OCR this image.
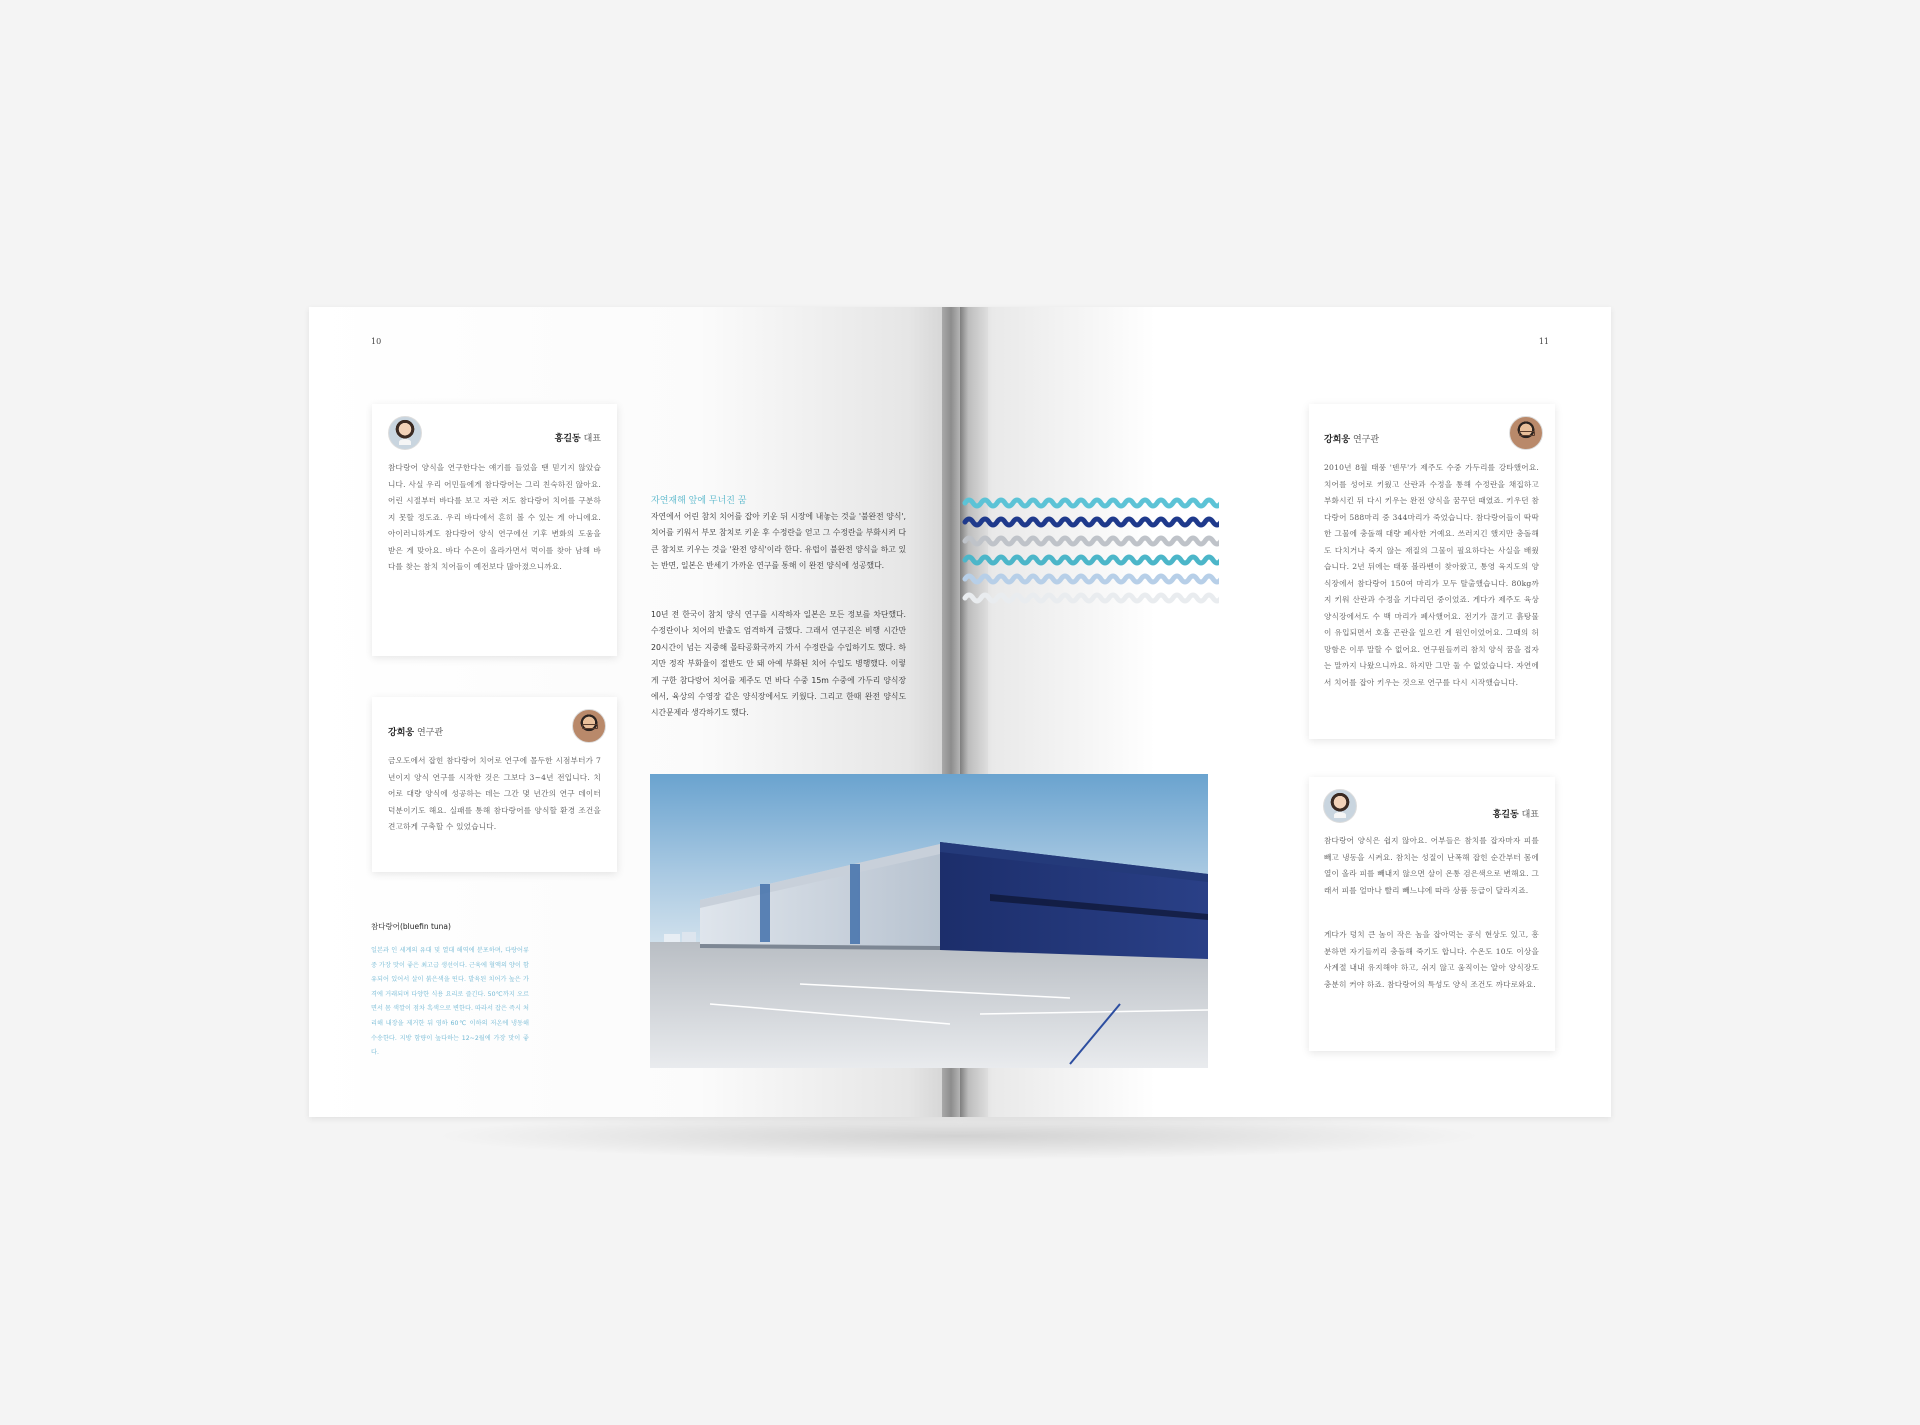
10
홍길동 대표
참다랑어 양식을 연구한다는 얘기를 들었을 땐 믿기지 않았습니다. 사실 우리 어민들에게 참다랑어는 그리 친숙하진 않아요. 어린 시절부터 바다를 보고 자란 저도 참다랑어 치어를 구분하지 못할 정도죠. 우리 바다에서 흔히 볼 수 있는 게 아니에요. 아이러니하게도 참다랑어 양식 연구에선 기후 변화의 도움을 받은 게 맞아요. 바다 수온이 올라가면서 먹이를 찾아 남해 바다를 찾는 참치 치어들이 예전보다 많아졌으니까요.
강희웅 연구관
금오도에서 잡힌 참다랑어 치어로 연구에 몰두한 시점부터가 7년이지 양식 연구를 시작한 것은 그보다 3~4년 전입니다. 치어로 대량 양식에 성공하는 데는 그간 몇 년간의 연구 데이터 덕분이기도 해요. 실패를 통해 참다랑어를 양식할 환경 조건을 견고하게 구축할 수 있었습니다.
참다랑어(bluefin tuna)
일본과 인 세계의 유대 및 열대 해역에 분포하며, 다랑어류 중 가장 맛이 좋은 최고급 생선이다. 근육에 혈액의 양이 함유되어 있어서 살이 붉은색을 띤다. 발육된 치어가 높은 가격에 거래되며 다양한 식용 요리로 즐긴다. 50℃까지 오르면서 몸 색깔이 점차 흑색으로 변한다. 따라서 잡은 즉시 처리해 내장을 제거한 뒤 영하 60℃ 이하의 저온에 냉동해 수송한다. 지방 함량이 높다하는 12~2월에 가장 맛이 좋다.
자연재해 앞에 무너진 꿈
자연에서 어린 참치 치어를 잡아 키운 뒤 시장에 내놓는 것을 '불완전 양식', 치어를 키워서 부모 참치로 키운 후 수정란을 얻고 그 수정란을 부화시켜 다 큰 참치로 키우는 것을 '완전 양식'이라 한다. 유럽이 불완전 양식을 하고 있는 반면, 일본은 반세기 가까운 연구를 통해 이 완전 양식에 성공했다.
10년 전 한국이 참치 양식 연구를 시작하자 일본은 모든 정보를 차단했다. 수정란이나 치어의 반출도 엄격하게 금했다. 그래서 연구진은 비행 시간만 20시간이 넘는 지중해 몰타공화국까지 가서 수정란을 수입하기도 했다. 하지만 정작 부화율이 절반도 안 돼 아예 부화된 치어 수입도 병행했다. 이렇게 구한 참다랑어 치어를 제주도 먼 바다 수중 15m 수중에 가두리 양식장에서, 육상의 수영장 같은 양식장에서도 키웠다. 그리고 한때 완전 양식도 시간문제라 생각하기도 했다.
11
강희웅 연구관
2010년 8월 태풍 '덴무'가 제주도 수중 가두리를 강타했어요. 치어를 성어로 키웠고 산란과 수정을 통해 수정란을 채집하고 부화시킨 뒤 다시 키우는 완전 양식을 꿈꾸던 때였죠. 키우던 참다랑어 588마리 중 344마리가 죽었습니다. 참다랑어들이 딱딱한 그물에 충돌해 대량 폐사한 거예요. 쓰러지긴 했지만 충돌해도 다치거나 죽지 않는 재질의 그물이 필요하다는 사실을 배웠습니다. 2년 뒤에는 태풍 볼라벤이 찾아왔고, 통영 육지도의 양식장에서 참다랑어 150여 마리가 모두 탈출했습니다. 80kg까지 키워 산란과 수정을 기다리던 중이었죠. 게다가 제주도 육상 양식장에서도 수 백 마리가 폐사했어요. 전기가 끊기고 흙탕물이 유입되면서 호흡 곤란을 일으킨 게 원인이었어요. 그때의 허망함은 이루 말할 수 없어요. 연구원들끼리 참치 양식 꿈을 접자는 말까지 나왔으니까요. 하지만 그만 둘 수 없었습니다. 자연에서 치어를 잡아 키우는 것으로 연구를 다시 시작했습니다.
홍길동 대표
참다랑어 양식은 쉽지 않아요. 어부들은 참치를 잡자마자 피를 빼고 냉동을 시켜요. 참치는 성질이 난폭해 잡힌 순간부터 몸에 열이 올라 피를 빼내지 않으면 살이 온통 검은색으로 변해요. 그래서 피를 얼마나 빨리 빼느냐에 따라 상품 등급이 달라지죠.
게다가 덩치 큰 놈이 작은 놈을 잡아먹는 공식 현상도 있고, 흥분하면 자기들끼리 충돌해 죽기도 합니다. 수온도 10도 이상을 사계절 내내 유지해야 하고, 쉬지 않고 움직이는 알아 양식장도 충분히 커야 하죠. 참다랑어의 특성도 양식 조건도 까다로와요.
